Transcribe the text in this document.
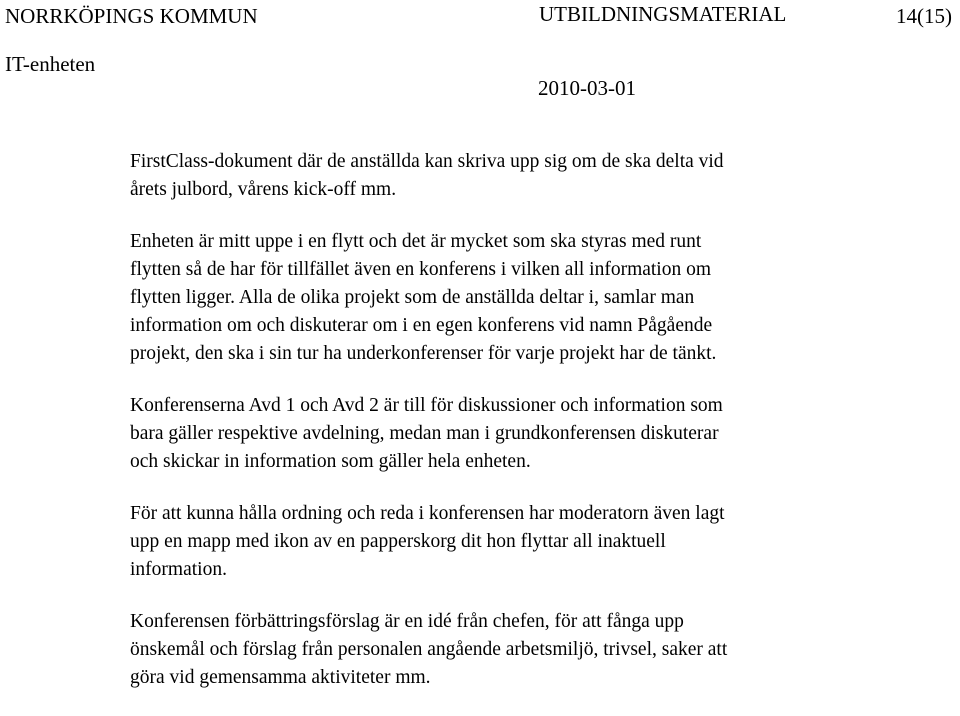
NORRKÖPINGS KOMMUN	UTBILDNINGSMATERIAL	14(15)
IT-enheten
2010-03-01

FirstClass-dokument där de anställda kan skriva upp sig om de ska delta vid
årets julbord, vårens kick-off mm.

Enheten är mitt uppe i en flytt och det är mycket som ska styras med runt
flytten så de har för tillfället även en konferens i vilken all information om
flytten ligger. Alla de olika projekt som de anställda deltar i, samlar man
information om och diskuterar om i en egen konferens vid namn Pågående
projekt, den ska i sin tur ha underkonferenser för varje projekt har de tänkt.

Konferenserna Avd 1 och Avd 2 är till för diskussioner och information som
bara gäller respektive avdelning, medan man i grundkonferensen diskuterar
och skickar in information som gäller hela enheten.

För att kunna hålla ordning och reda i konferensen har moderatorn även lagt
upp en mapp med ikon av en papperskorg dit hon flyttar all inaktuell
information.

Konferensen förbättringsförslag är en idé från chefen, för att fånga upp
önskemål och förslag från personalen angående arbetsmiljö, trivsel, saker att
göra vid gemensamma aktiviteter mm.
